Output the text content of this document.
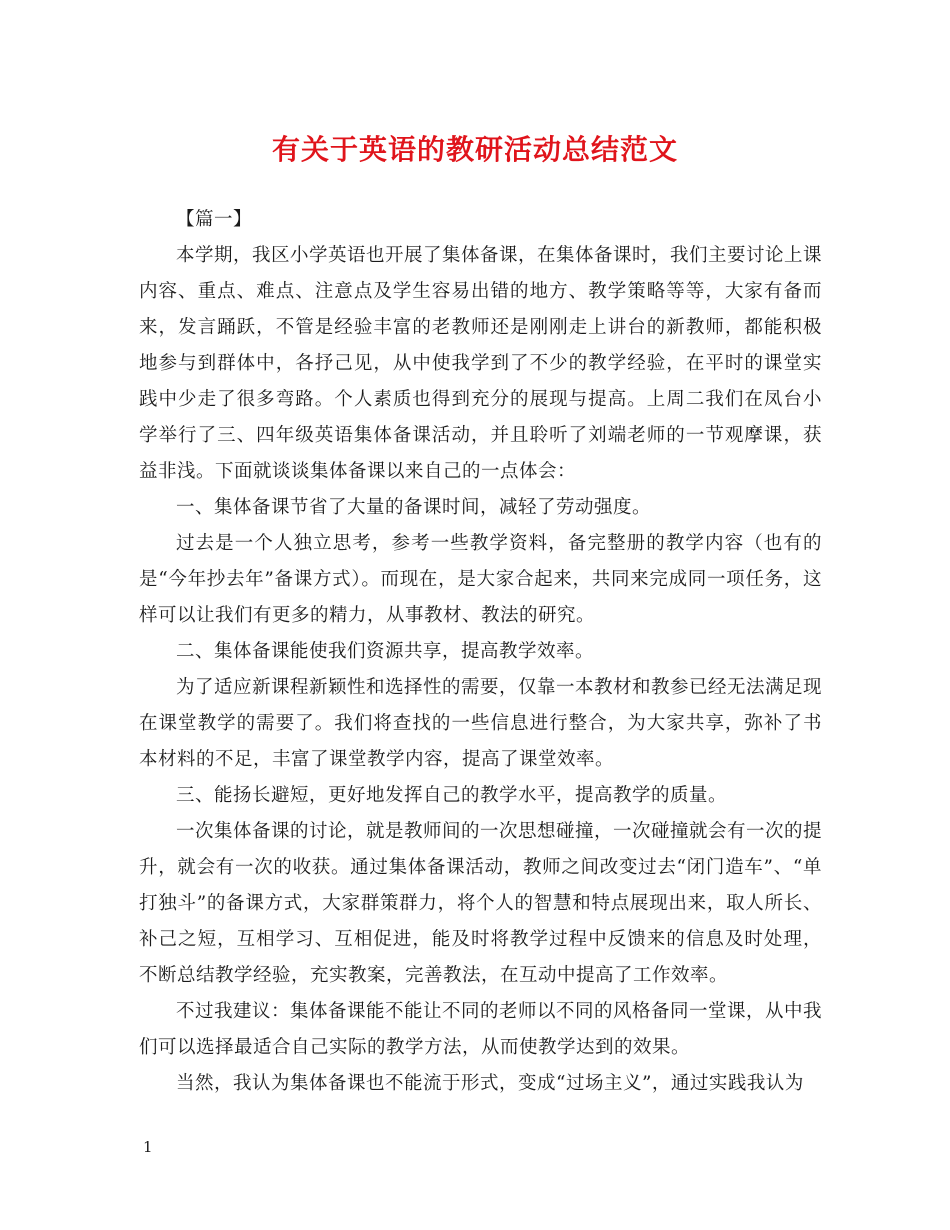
有关于英语的教研活动总结范文

【篇一】

本学期，我区小学英语也开展了集体备课，在集体备课时，我们主要讨论上课内容、重点、难点、注意点及学生容易出错的地方、教学策略等等，大家有备而来，发言踊跃，不管是经验丰富的老教师还是刚刚走上讲台的新教师，都能积极地参与到群体中，各抒己见，从中使我学到了不少的教学经验，在平时的课堂实践中少走了很多弯路。个人素质也得到充分的展现与提高。上周二我们在凤台小学举行了三、四年级英语集体备课活动，并且聆听了刘端老师的一节观摩课，获益非浅。下面就谈谈集体备课以来自己的一点体会：

一、集体备课节省了大量的备课时间，减轻了劳动强度。

过去是一个人独立思考，参考一些教学资料，备完整册的教学内容（也有的是“今年抄去年”备课方式）。而现在，是大家合起来，共同来完成同一项任务，这样可以让我们有更多的精力，从事教材、教法的研究。

二、集体备课能使我们资源共享，提高教学效率。

为了适应新课程新颖性和选择性的需要，仅靠一本教材和教参已经无法满足现在课堂教学的需要了。我们将查找的一些信息进行整合，为大家共享，弥补了书本材料的不足，丰富了课堂教学内容，提高了课堂效率。

三、能扬长避短，更好地发挥自己的教学水平，提高教学的质量。

一次集体备课的讨论，就是教师间的一次思想碰撞，一次碰撞就会有一次的提升，就会有一次的收获。通过集体备课活动，教师之间改变过去“闭门造车”、“单打独斗”的备课方式，大家群策群力，将个人的智慧和特点展现出来，取人所长、补己之短，互相学习、互相促进，能及时将教学过程中反馈来的信息及时处理，不断总结教学经验，充实教案，完善教法，在互动中提高了工作效率。

不过我建议：集体备课能不能让不同的老师以不同的风格备同一堂课，从中我们可以选择最适合自己实际的教学方法，从而使教学达到的效果。

当然，我认为集体备课也不能流于形式，变成“过场主义”，通过实践我认为

1
